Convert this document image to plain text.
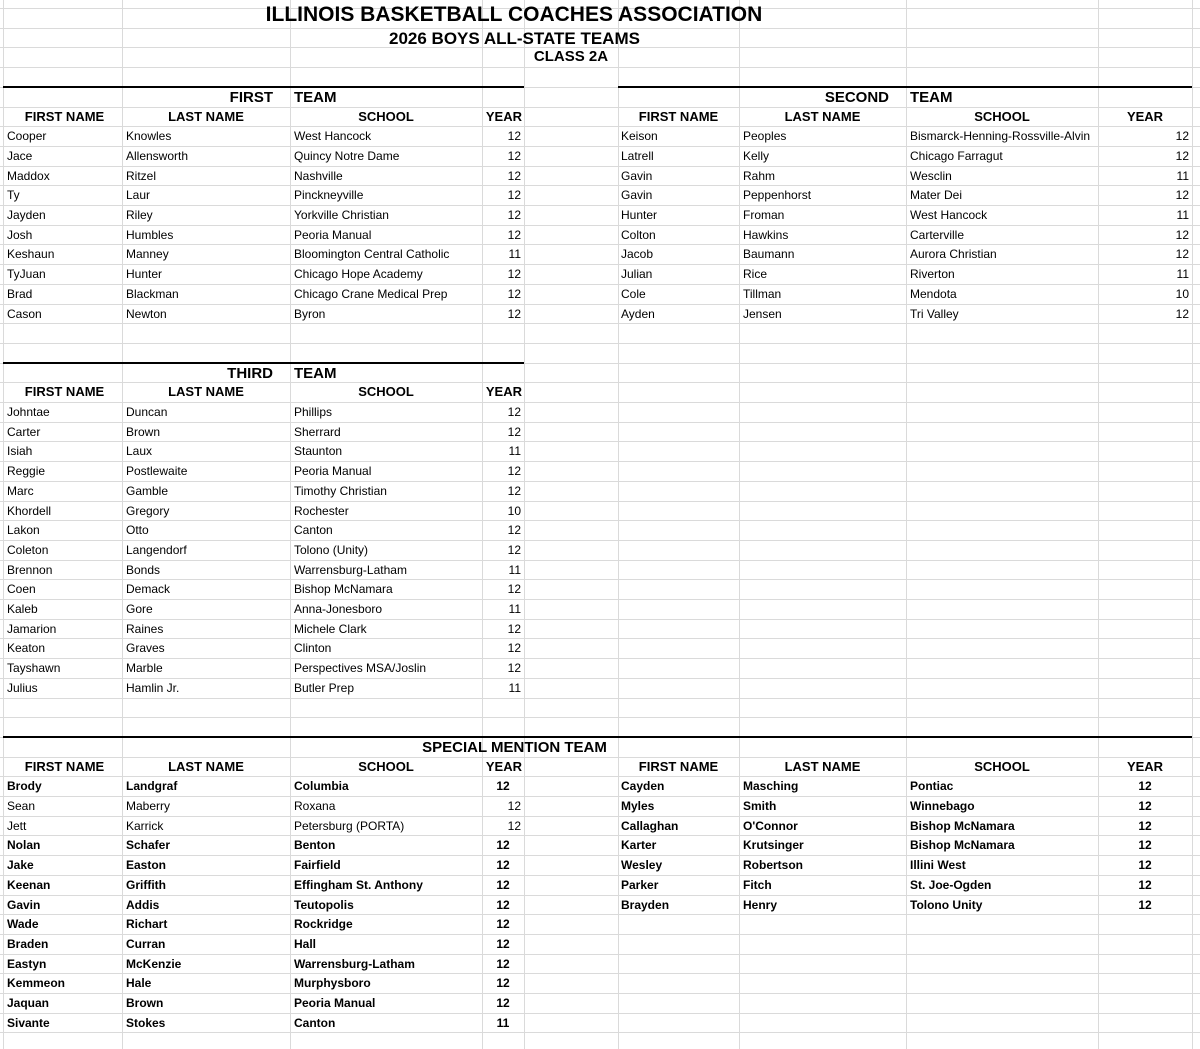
ILLINOIS BASKETBALL COACHES ASSOCIATION
2026 BOYS ALL-STATE TEAMS
CLASS 2A
FIRST TEAM
FIRST NAME	LAST NAME	SCHOOL	YEAR
Cooper	Knowles	West Hancock	12
Jace	Allensworth	Quincy Notre Dame	12
Maddox	Ritzel	Nashville	12
Ty	Laur	Pinckneyville	12
Jayden	Riley	Yorkville Christian	12
Josh	Humbles	Peoria Manual	12
Keshaun	Manney	Bloomington Central Catholic	11
TyJuan	Hunter	Chicago Hope Academy	12
Brad	Blackman	Chicago Crane Medical Prep	12
Cason	Newton	Byron	12
SECOND TEAM
FIRST NAME	LAST NAME	SCHOOL	YEAR
Keison	Peoples	Bismarck-Henning-Rossville-Alvin	12
Latrell	Kelly	Chicago Farragut	12
Gavin	Rahm	Wesclin	11
Gavin	Peppenhorst	Mater Dei	12
Hunter	Froman	West Hancock	11
Colton	Hawkins	Carterville	12
Jacob	Baumann	Aurora Christian	12
Julian	Rice	Riverton	11
Cole	Tillman	Mendota	10
Ayden	Jensen	Tri Valley	12
THIRD TEAM
FIRST NAME	LAST NAME	SCHOOL	YEAR
Johntae	Duncan	Phillips	12
Carter	Brown	Sherrard	12
Isiah	Laux	Staunton	11
Reggie	Postlewaite	Peoria Manual	12
Marc	Gamble	Timothy Christian	12
Khordell	Gregory	Rochester	10
Lakon	Otto	Canton	12
Coleton	Langendorf	Tolono (Unity)	12
Brennon	Bonds	Warrensburg-Latham	11
Coen	Demack	Bishop McNamara	12
Kaleb	Gore	Anna-Jonesboro	11
Jamarion	Raines	Michele Clark	12
Keaton	Graves	Clinton	12
Tayshawn	Marble	Perspectives MSA/Joslin	12
Julius	Hamlin Jr.	Butler Prep	11
SPECIAL MENTION TEAM
FIRST NAME	LAST NAME	SCHOOL	YEAR	FIRST NAME	LAST NAME	SCHOOL	YEAR
Brody	Landgraf	Columbia	12
Sean	Maberry	Roxana	12
Jett	Karrick	Petersburg (PORTA)	12
Nolan	Schafer	Benton	12
Jake	Easton	Fairfield	12
Keenan	Griffith	Effingham St. Anthony	12
Gavin	Addis	Teutopolis	12
Wade	Richart	Rockridge	12
Braden	Curran	Hall	12
Eastyn	McKenzie	Warrensburg-Latham	12
Kemmeon	Hale	Murphysboro	12
Jaquan	Brown	Peoria Manual	12
Sivante	Stokes	Canton	11
Cayden	Masching	Pontiac	12
Myles	Smith	Winnebago	12
Callaghan	O'Connor	Bishop McNamara	12
Karter	Krutsinger	Bishop McNamara	12
Wesley	Robertson	Illini West	12
Parker	Fitch	St. Joe-Ogden	12
Brayden	Henry	Tolono Unity	12
